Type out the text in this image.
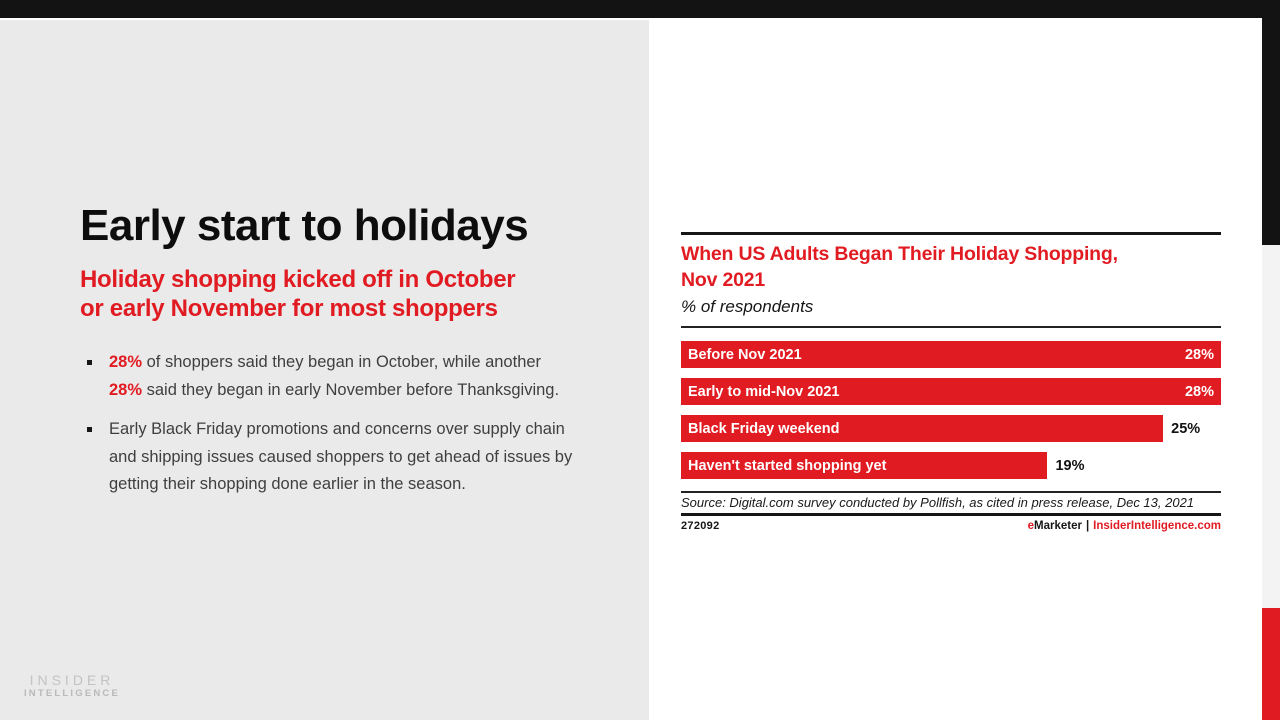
Early start to holidays
Holiday shopping kicked off in October
or early November for most shoppers
28% of shoppers said they began in October, while another 28% said they began in early November before Thanksgiving.
Early Black Friday promotions and concerns over supply chain and shipping issues caused shoppers to get ahead of issues by getting their shopping done earlier in the season.
INSIDER
INTELLIGENCE
When US Adults Began Their Holiday Shopping,
Nov 2021
% of respondents
Before Nov 2021	28%
Early to mid-Nov 2021	28%
Black Friday weekend	25%
Haven't started shopping yet	19%
Source: Digital.com survey conducted by Pollfish, as cited in press release, Dec 13, 2021
272092	eMarketer | InsiderIntelligence.com
